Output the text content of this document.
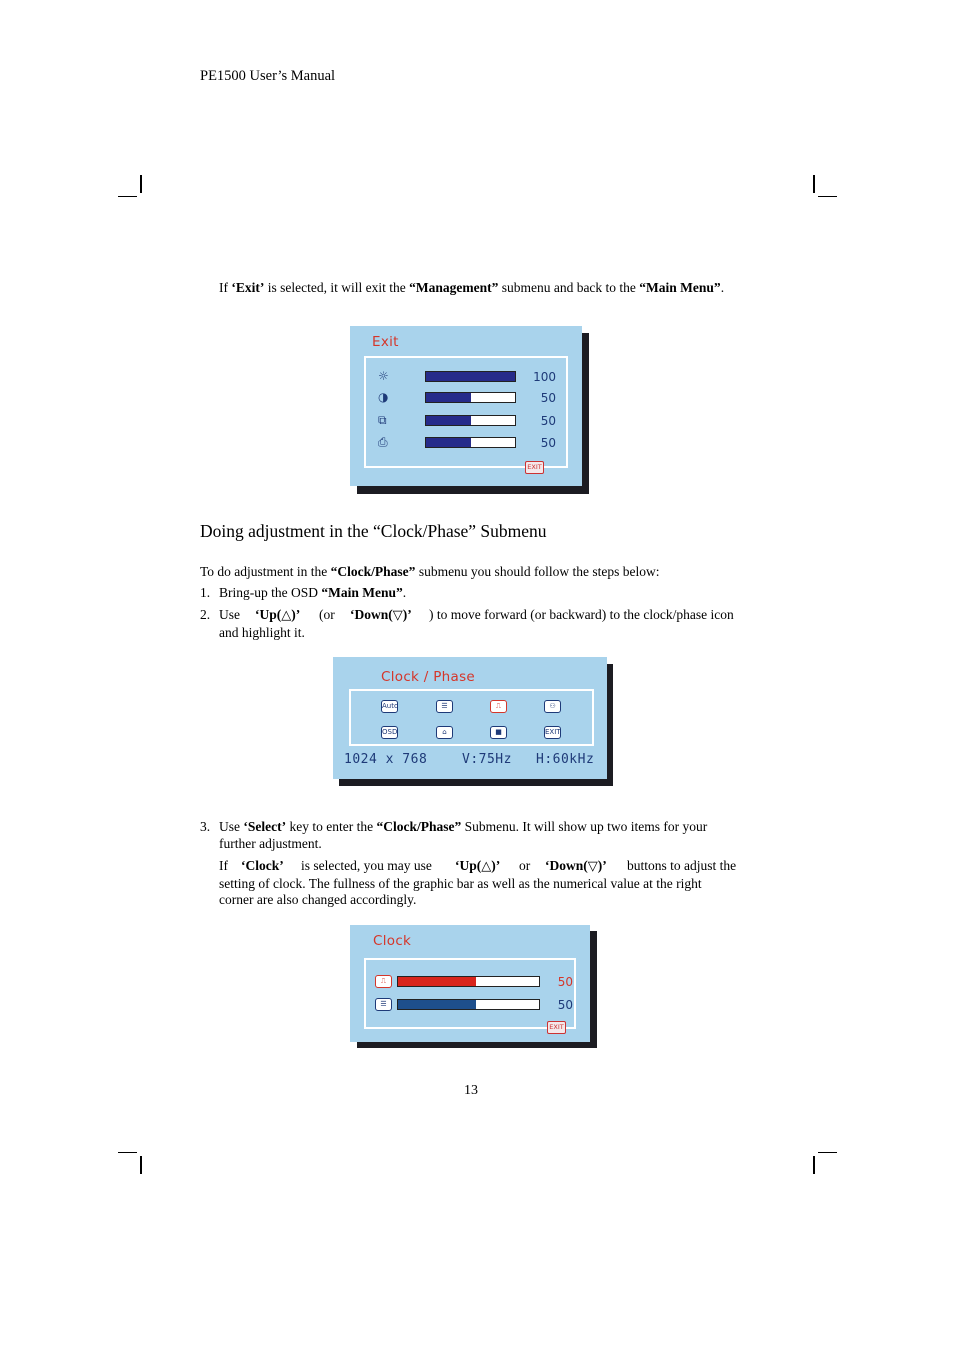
PE1500 User’s Manual
If ‘Exit’ is selected, it will exit the “Management” submenu and back to the “Main Menu”.
Exit
☼	100
◑	50
⧉	50
⎙	50
EXIT
Doing adjustment in the “Clock/Phase” Submenu
To do adjustment in the “Clock/Phase” submenu you should follow the steps below:
1. Bring-up the OSD “Main Menu”.
2. Use ‘Up(△)’ (or ‘Down(▽)’ ) to move forward (or backward) to the clock/phase icon
and highlight it.
Clock / Phase
Auto	☰	⎍	⚇
OSD	⌂	■	EXIT
1024 x 768	V:75Hz H:60kHz
3. Use ‘Select’ key to enter the “Clock/Phase” Submenu. It will show up two items for your
further adjustment.
If ‘Clock’ is selected, you may use ‘Up(△)’ or ‘Down(▽)’ buttons to adjust the
setting of clock. The fullness of the graphic bar as well as the numerical value at the right
corner are also changed accordingly.
Clock
⎍	50
☰	50
EXIT
13
